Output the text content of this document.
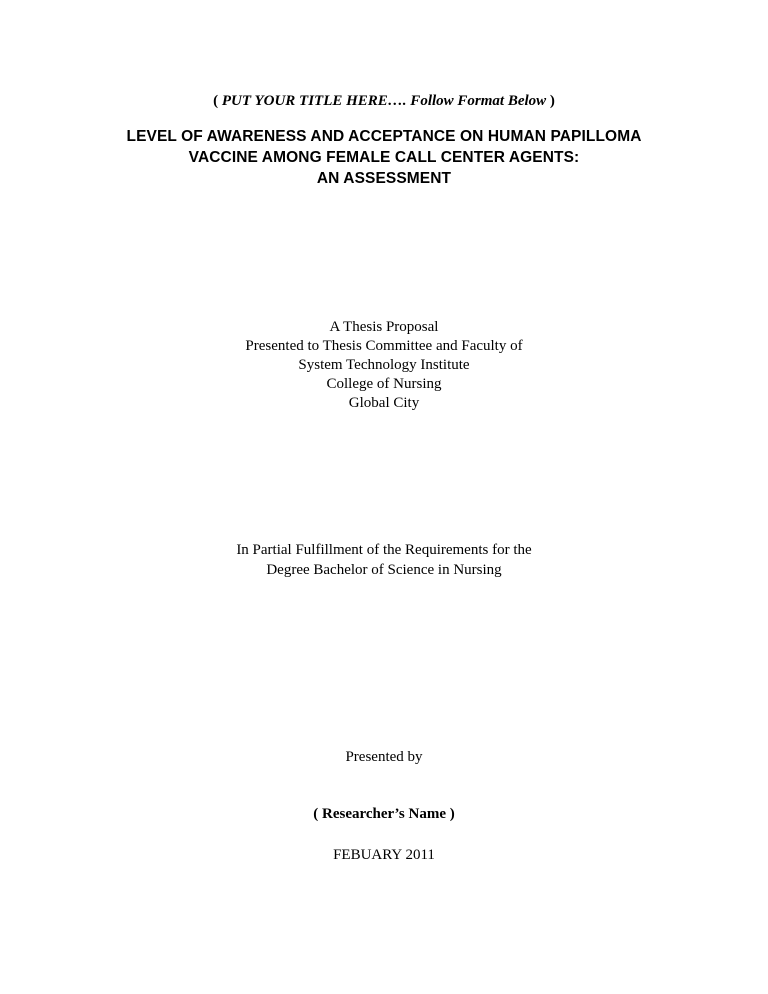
( PUT YOUR TITLE HERE…. Follow Format Below )
LEVEL OF AWARENESS AND ACCEPTANCE ON HUMAN PAPILLOMA
VACCINE AMONG FEMALE CALL CENTER AGENTS:
AN ASSESSMENT
A Thesis Proposal
Presented to Thesis Committee and Faculty of
System Technology Institute
College of Nursing
Global City
In Partial Fulfillment of the Requirements for the
Degree Bachelor of Science in Nursing
Presented by
( Researcher’s Name )
FEBUARY 2011
